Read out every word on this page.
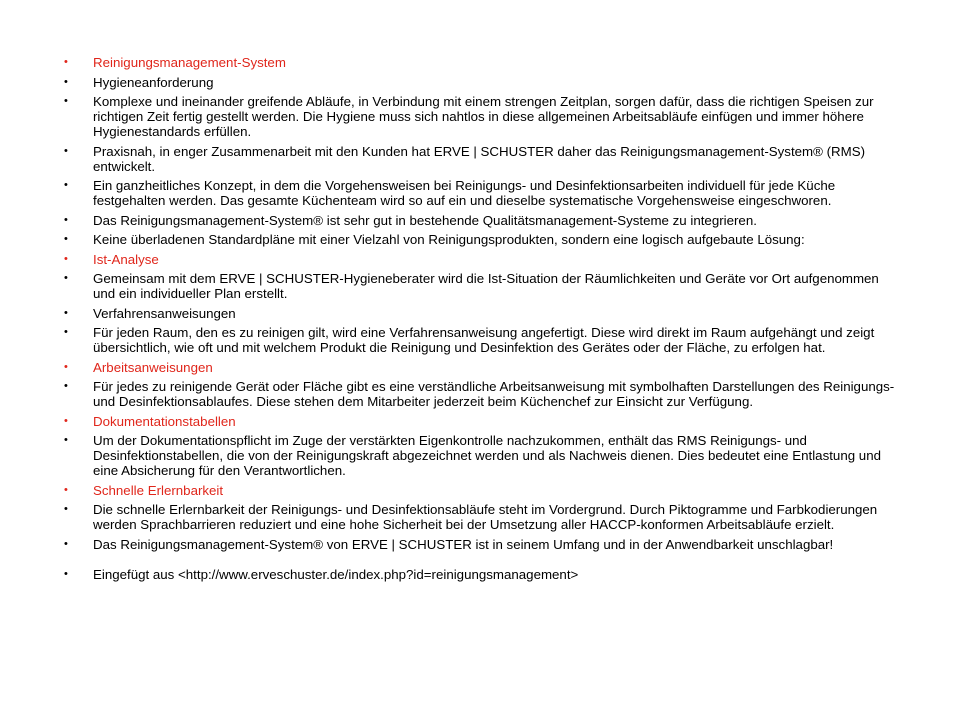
• Reinigungsmanagement-System
• Hygieneanforderung
• Komplexe und ineinander greifende Abläufe, in Verbindung mit einem strengen Zeitplan, sorgen dafür, dass die richtigen Speisen zur richtigen Zeit fertig gestellt werden. Die Hygiene muss sich nahtlos in diese allgemeinen Arbeitsabläufe einfügen und immer höhere Hygienestandards erfüllen.
• Praxisnah, in enger Zusammenarbeit mit den Kunden hat ERVE | SCHUSTER daher das Reinigungsmanagement-System® (RMS) entwickelt.
• Ein ganzheitliches Konzept, in dem die Vorgehensweisen bei Reinigungs- und Desinfektionsarbeiten individuell für jede Küche festgehalten werden. Das gesamte Küchenteam wird so auf ein und dieselbe systematische Vorgehensweise eingeschworen.
• Das Reinigungsmanagement-System® ist sehr gut in bestehende Qualitätsmanagement-Systeme zu integrieren.
• Keine überladenen Standardpläne mit einer Vielzahl von Reinigungsprodukten, sondern eine logisch aufgebaute Lösung:
• Ist-Analyse
• Gemeinsam mit dem ERVE | SCHUSTER-Hygieneberater wird die Ist-Situation der Räumlichkeiten und Geräte vor Ort aufgenommen und ein individueller Plan erstellt.
• Verfahrensanweisungen
• Für jeden Raum, den es zu reinigen gilt, wird eine Verfahrensanweisung angefertigt. Diese wird direkt im Raum aufgehängt und zeigt übersichtlich, wie oft und mit welchem Produkt die Reinigung und Desinfektion des Gerätes oder der Fläche, zu erfolgen hat.
• Arbeitsanweisungen
• Für jedes zu reinigende Gerät oder Fläche gibt es eine verständliche Arbeitsanweisung mit symbolhaften Darstellungen des Reinigungs- und Desinfektionsablaufes. Diese stehen dem Mitarbeiter jederzeit beim Küchenchef zur Einsicht zur Verfügung.
• Dokumentationstabellen
• Um der Dokumentationspflicht im Zuge der verstärkten Eigenkontrolle nachzukommen, enthält das RMS Reinigungs- und Desinfektionstabellen, die von der Reinigungskraft abgezeichnet werden und als Nachweis dienen. Dies bedeutet eine Entlastung und eine Absicherung für den Verantwortlichen.
• Schnelle Erlernbarkeit
• Die schnelle Erlernbarkeit der Reinigungs- und Desinfektionsabläufe steht im Vordergrund. Durch Piktogramme und Farbkodierungen werden Sprachbarrieren reduziert und eine hohe Sicherheit bei der Umsetzung aller HACCP-konformen Arbeitsabläufe erzielt.
• Das Reinigungsmanagement-System® von ERVE | SCHUSTER ist in seinem Umfang und in der Anwendbarkeit unschlagbar!
• Eingefügt aus <http://www.erveschuster.de/index.php?id=reinigungsmanagement>
